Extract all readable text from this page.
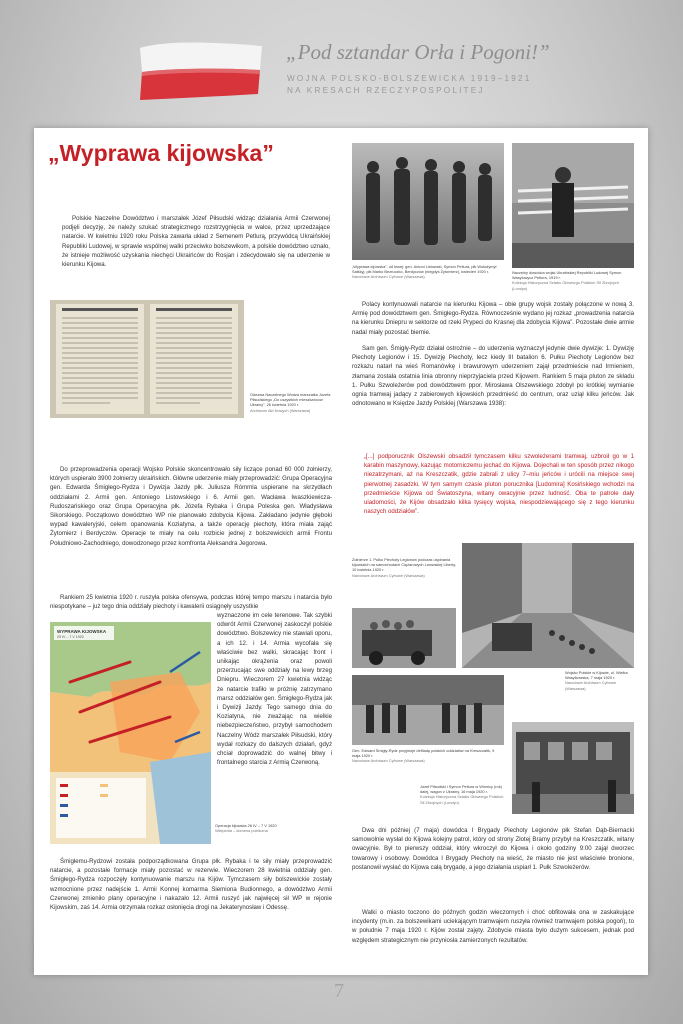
„Pod sztandar Orła i Pogoni!”
WOJNA POLSKO-BOLSZEWICKA 1919–1921
NA KRESACH RZECZYPOSPOLITEJ
„Wyprawa kijowska”

Polskie Naczelne Dowództwo i marszałek Józef Piłsudski widząc działania Armii Czerwonej podjęli decyzję, że należy szukać strategicznego rozstrzygnięcia w walce, przez uprzedzające natarcie. W kwietniu 1920 roku Polska zawarła układ z Semenem Petlurą, przywódcą Ukraińskiej Republiki Ludowej, w sprawie wspólnej walki przeciwko bolszewikom, a polskie dowództwo uznało, że istnieje możliwość uzyskania niechęci Ukraińców do Rosjan i zdecydowało się na uderzenie w kierunku Kijowa.

Odezwa Naczelnego Wodza marszałka Józefa Piłsudskiego „Do uszystkich mieszkańców Ukrainy”, 26 kwietnia 1920 r.
Archiwum Akt Nowych (Warszawa)

Do przeprowadzenia operacji Wojsko Polskie skoncentrowało siły liczące ponad 60 000 żołnierzy, których uspierało 3900 żołnierzy ukraińskich. Główne uderzenie miały przeprowadzić: Grupa Operacyjna gen. Edwarda Śmigłego-Rydza i Dywizja Jazdy płk. Juliusza Rómmla uspierane na skrzydłach oddziałami 2. Armii gen. Antoniego Listowskiego i 6. Armii gen. Wacława Iwaszkiewicza-Rudoszańskiego oraz Grupa Operacyjna płk. Józefa Rybaka i Grupa Poleska gen. Władysława Sikorskiego. Początkowo dowództwo WP nie planowało zdobycia Kijowa. Zakładano jedynie głęboki wypad kawaleryjski, celem opanowania Koziatyna, a także operację piechoty, która miała zająć Żytomierz i Berdyczów. Operacje te miały na celu rozbicie jednej z bolszewickich armii Frontu Południowo-Zachodniego, dowodzonego przez komfronta Aleksandra Jegorowa.

Rankiem 25 kwietnia 1920 r. ruszyła polska ofensywa, podczas której tempo marszu i natarcia było niespotykane – już tego dnia oddziały piechoty i kawalerii osiągnęły uszystkie

wyznaczone im cele terenowe. Tak szybki odwrót Armii Czerwonej zaskoczył polskie dowództwo. Bolszewicy nie stawiali oporu, a ich 12. i 14. Armia wycofała się właściwie bez walki, skracając front i unikając okrążenia oraz powoli przerzucając swe oddziały na lewy brzeg Dniepru. Wieczorem 27 kwietnia widząc że natarcie trafiło w próżnię zatrzymano marsz oddziałów gen. Śmigłego-Rydza jak i Dywizji Jazdy. Tego samego dnia do Koziatyna, nie zważając na wielkie niebezpieczeństwo, przybył samochodem Naczelny Wódz marszałek Piłsudski, który wydał rozkazy do dalszych działań, gdyż chciał doprowadzić do walnej bitwy i frontalnego starcia z Armią Czerwoną.

WYPRAWA KIJOWSKA
25 IV – 7 V 1920

Operacja kijowska 26 IV – 7 V 1920
Wikipedia – domena publiczna

Śmigłemu-Rydzowi została podporządkowana Grupa płk. Rybaka i te siły miały przeprowadzić natarcie, a pozostałe formacje miały pozostać w rezerwie. Wieczorem 28 kwietnia oddziały gen. Śmigłego-Rydza rozpoczęły kontynuowanie marszu na Kijów. Tymczasem siły bolszewickie zostały wzmocnione przez nadejście 1. Armii Konnej komarma Siemiona Budionnego, a dowództwo Armii Czerwonej zmieniło plany operacyjne i nakazało 12. Armii ruszyć jak najwięcej sił WP w rejonie Kijowskim, zaś 14. Armia otrzymała rozkaz osłonięcia drogi na Jekaterynosław i Odessę.

„Wyprawa kijowska”, od lewej: gen. Antoni Listowski, Symon Petlura, płk Wołodymyr Sałśkyj, płk Marko Bezruczko, Berdyczów (niegdyś Żytomierz), kwiecień 1920 r.
Narodowe Archiwum Cyfrowe (Warszawa)

Naczelny dowódca wojsk Ukraińskiej Republiki Ludowej Symon Wasylowycz Petlura, 1919 r.
Kolekcja Historyczna Sztabu Głównego Polskich Sił Zbrojnych (Londyn)

Polacy kontynuowali natarcie na kierunku Kijowa – obie grupy wojsk zostały połączone w nową 3. Armię pod dowództwem gen. Śmigłego-Rydza. Równocześnie wydano jej rozkaz „prowadzenia natarcia na kierunku Dniepru w sektorze od rzeki Prypeci do Krasnej dla zdobycia Kijowa”. Pozostałe dwie armie nadal miały pozostać biernie.

Sam gen. Śmigły-Rydz działał ostrożnie – do uderzenia wyznaczył jedynie dwie dywizje: 1. Dywizję Piechoty Legionów i 15. Dywizję Piechoty, lecz kiedy III batalion 6. Pułku Piechoty Legionów bez rozkazu natarł na wieś Romanówkę i brawurowym uderzeniem zajął przedmieście nad Irmieniem, złamana została ostatnia linia obronny nieprzyjaciela przed Kijowem. Rankiem 5 maja pluton ze składu 1. Pułku Szwoleżerów pod dowództwem ppor. Mirosława Olszewskiego zdobył po krótkiej wymianie ognia tramwaj jadący z zabierowych kijowskich przedmieść do centrum, oraz uziął kilku jeńców. Jak odnotowano w Księdze Jazdy Polskiej (Warszawa 1938):

„[...] podporucznik Olszewski obsadził tymczasem kilku szwoleżerami tramwaj, uzbroił go w 1 karabin maszynowy, kazując motorniczemu jechać do Kijowa. Dojechali w ten sposób przez nikogo niezatrzymani, aż na Kreszczatik, gdzie zabrali z ulicy 7–miu jeńców i urócili na miejsce swej pierwotnej zasadzki. W tym samym czasie pluton porucznika [Ludomira] Kosińskiego wchodzi na przedmieście Kijowa od Światoszyna, witany owacyjnie przez ludność. Oba te patrole dały uiadomości, że Kijów obsadzało kilka tysięcy wojska, niespodziewającego się z tego kierunku naszych oddziałów”.

Żołnierze 1. Pułku Piechoty Legionów podczas uspinania kijowskich na samochodach Ciężarowych Lwowskiej Liberty, 10 kwietnia 1920 r.
Narodowe Archiwum Cyfrowe (Warszawa)

Wojsko Polskie w Kijowie, ul. Wielka Wasylkowska, 7 maja 1920 r.
Narodowe Archiwum Cyfrowe (Warszawa)

Gen. Edward Śmigły-Rydz przyjmuje defiladę polskich oddziałów na Kreszczatik, 9 maja 1920 r.
Narodowe Archiwum Cyfrowe (Warszawa)

Józef Piłsudski i Symon Petlura w Winnicy (rok) dalej, wagon z Ukrainy, 16 maja 1920 r.
Kolekcja Historyczna Sztabu Głównego Polskich Sił Zbrojnych (Londyn)

Dwa dni później (7 maja) dowódca I Brygady Piechoty Legionów płk Stefan Dąb-Biernacki samowolnie wysłał do Kijowa kolejny patrol, który od strony Złotej Bramy przybył na Kreszczatik, witany owacyjnie. Był to pierwszy oddział, który wkroczył do Kijowa i około godziny 9:00 zajął dworzec towarowy i osobowy. Dowódca I Brygady Piechoty na wieść, że miasto nie jest właściwie bronione, postanowił wysłać do Kijowa całą brygadę, a jego działania uspiarł 1. Pułk Szwoleżerów.

Walki o miasto toczono do późnych godzin wieczornych i choć obfitowała ona w zaskakujące incydenty (m.in. za bolszewikami uciekającym tramwajem ruszyła również tramwajem polska pogoń), to w południe 7 maja 1920 r. Kijów został zajęty. Zdobycie miasta było dużym sukcesem, jednak pod względem strategicznym nie przyniosła zamierzonych rezultatów.

7
